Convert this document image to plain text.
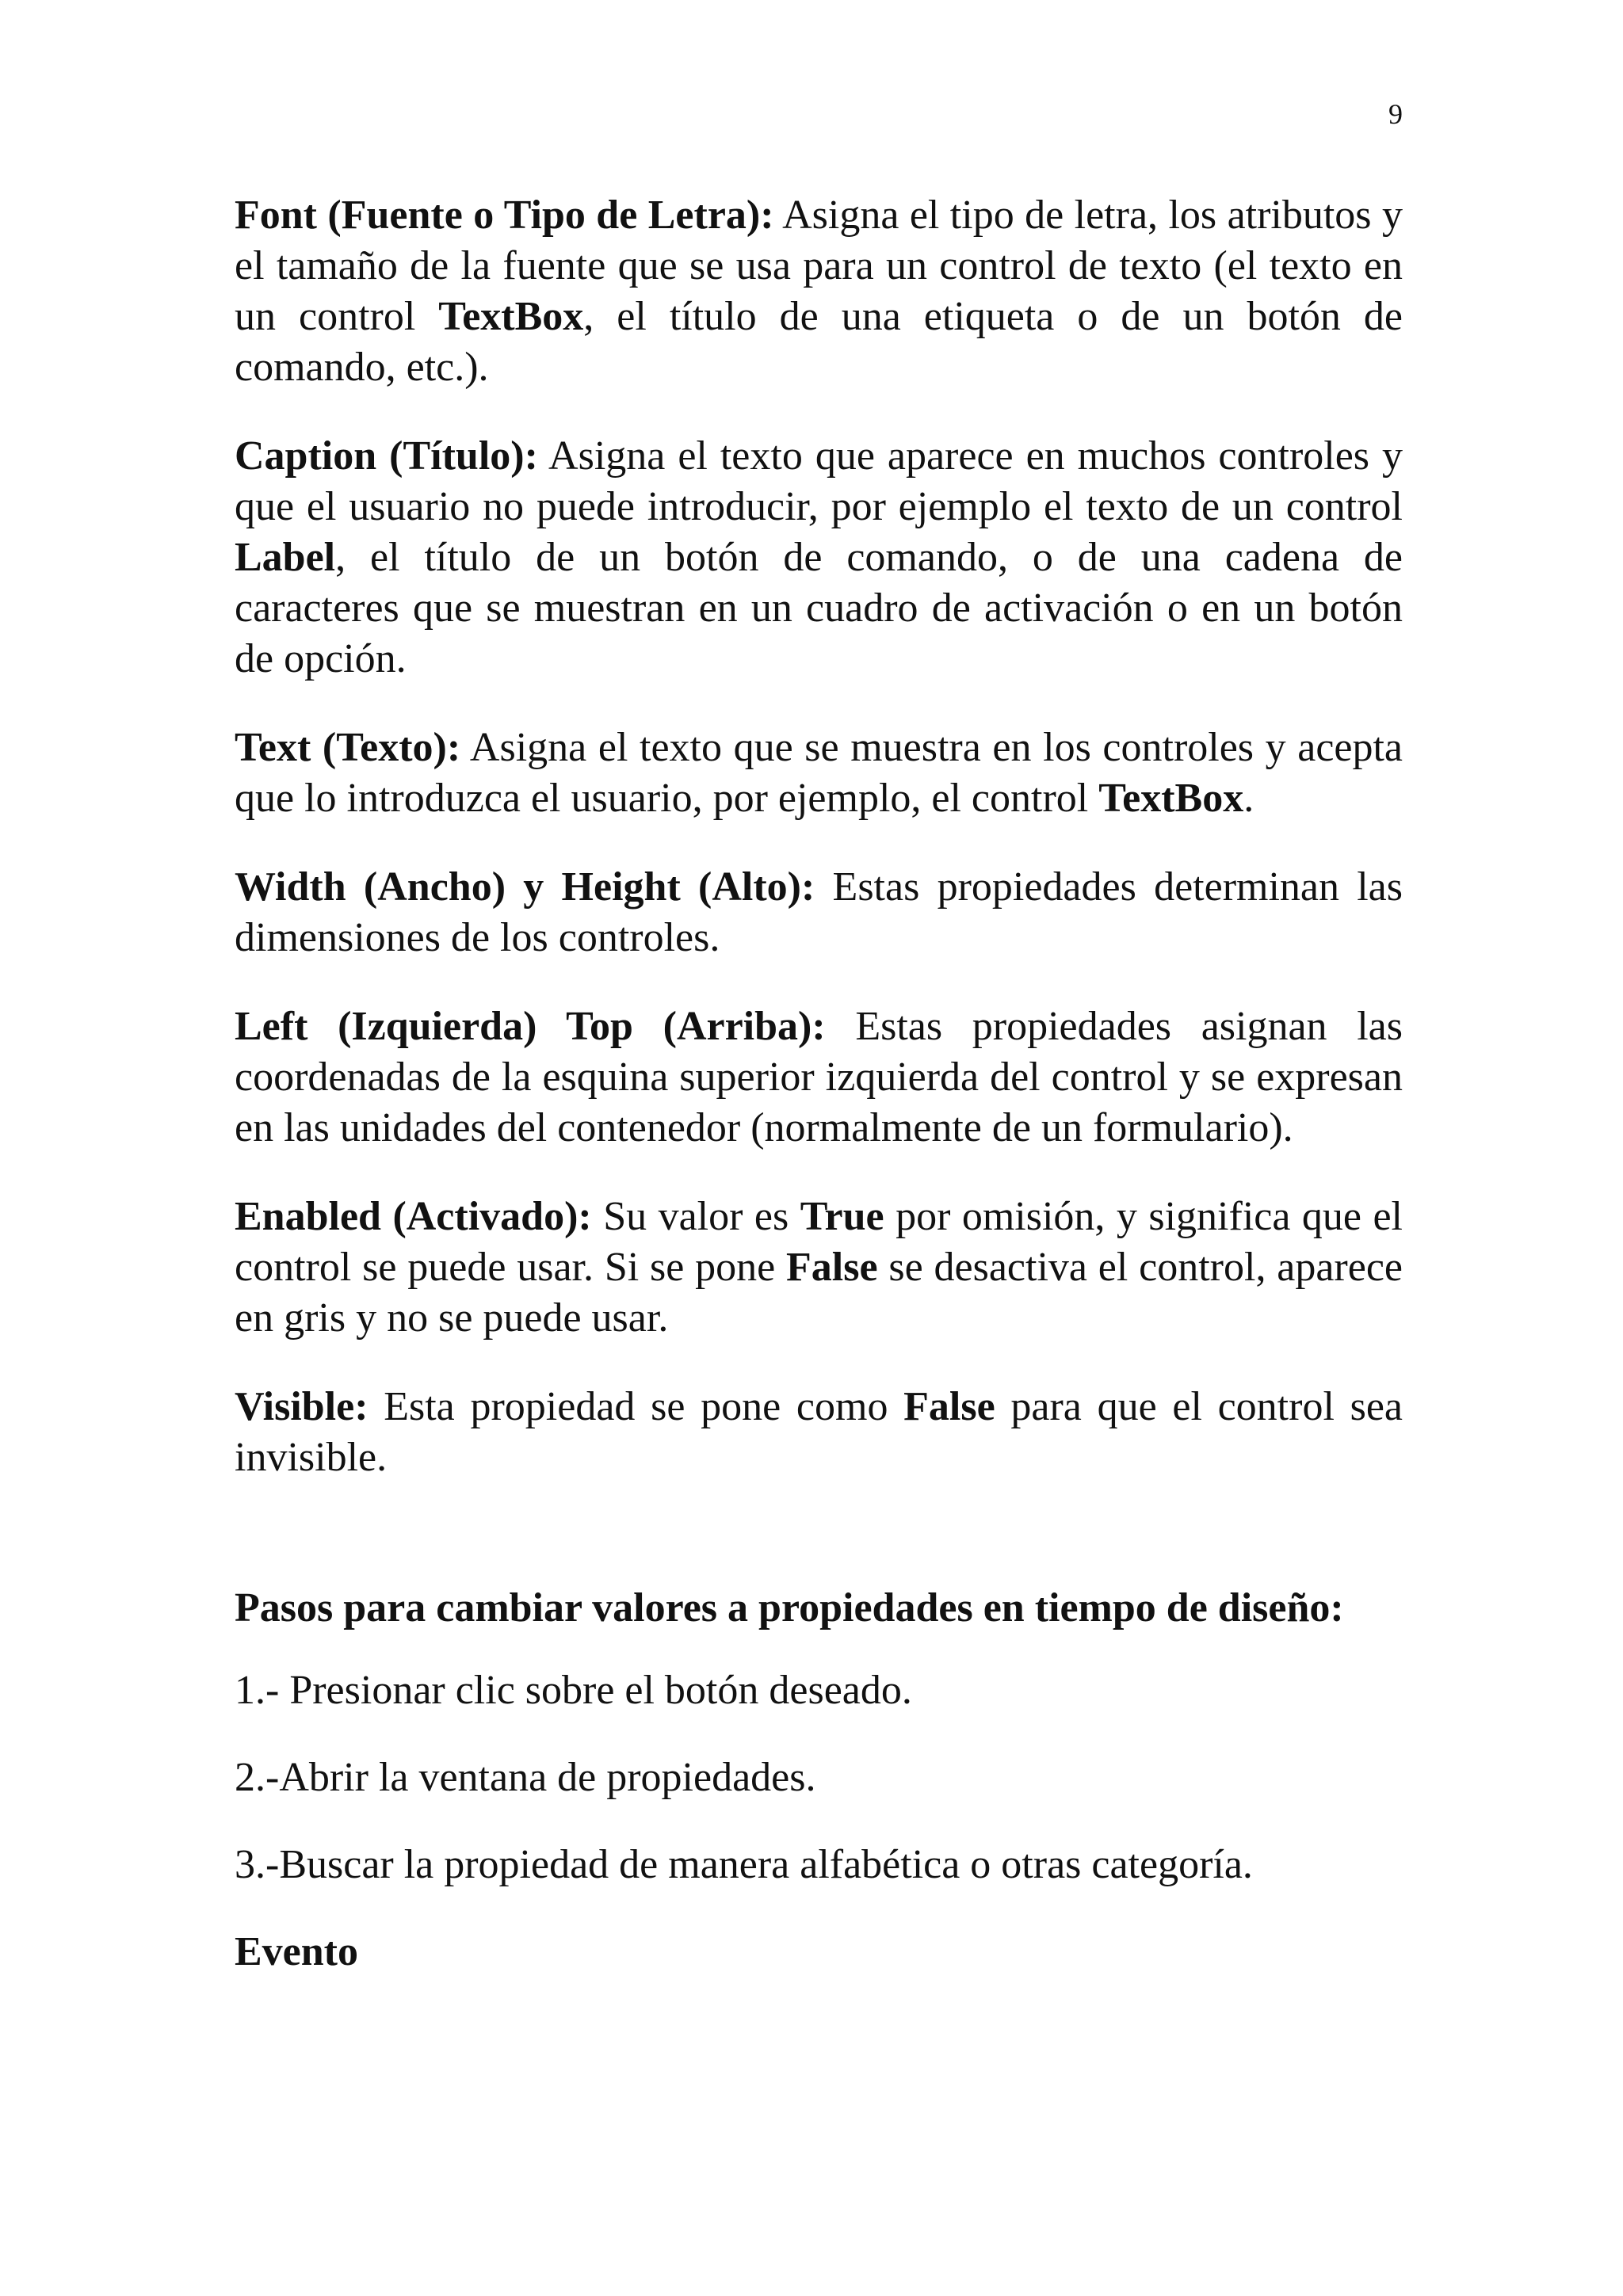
9

Font (Fuente o Tipo de Letra): Asigna el tipo de letra, los atributos y el tamaño de la fuente que se usa para un control de texto (el texto en un control TextBox, el título de una etiqueta o de un botón de comando, etc.).

Caption (Título): Asigna el texto que aparece en muchos controles y que el usuario no puede introducir, por ejemplo el texto de un control Label, el título de un botón de comando, o de una cadena de caracteres que se muestran en un cuadro de activación o en un botón de opción.

Text (Texto): Asigna el texto que se muestra en los controles y acepta que lo introduzca el usuario, por ejemplo, el control TextBox.

Width (Ancho) y Height (Alto): Estas propiedades determinan las dimensiones de los controles.

Left (Izquierda) Top (Arriba): Estas propiedades asignan las coordenadas de la esquina superior izquierda del control y se expresan en las unidades del contenedor (normalmente de un formulario).

Enabled (Activado): Su valor es True por omisión, y significa que el control se puede usar. Si se pone False se desactiva el control, aparece en gris y no se puede usar.

Visible: Esta propiedad se pone como False para que el control sea invisible.

Pasos para cambiar valores a propiedades en tiempo de diseño:
1.- Presionar clic sobre el botón deseado.
2.-Abrir la ventana de propiedades.
3.-Buscar la propiedad de manera alfabética o otras categoría.
Evento
